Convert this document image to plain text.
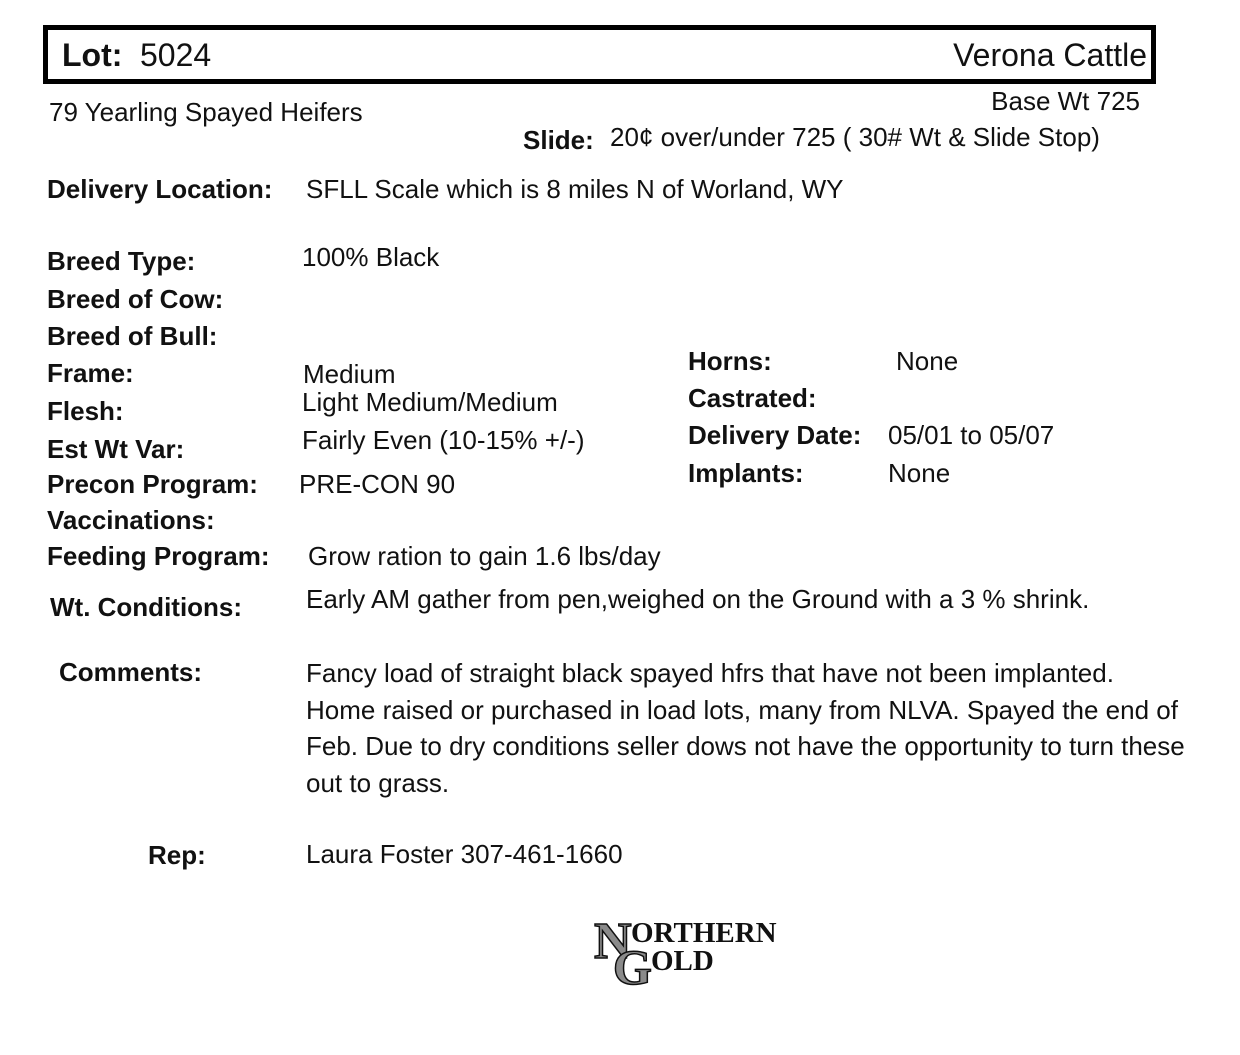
Lot: 5024	Verona Cattle
79 Yearling Spayed Heifers	Base Wt 725
Slide: 20¢ over/under 725 ( 30# Wt & Slide Stop)
Delivery Location: SFLL Scale which is 8 miles N of Worland, WY
Breed Type:	100% Black
Breed of Cow:
Breed of Bull:
Frame:	Medium
Flesh:	Light Medium/Medium
Est Wt Var:	Fairly Even (10-15% +/-)
Precon Program: PRE-CON 90
Vaccinations:
Feeding Program: Grow ration to gain 1.6 lbs/day
Wt. Conditions: Early AM gather from pen,weighed on the Ground with a 3 % shrink.
Horns:	None
Castrated:
Delivery Date: 05/01 to 05/07
Implants:	None
Comments:	Fancy load of straight black spayed hfrs that have not been implanted. Home raised or purchased in load lots, many from NLVA. Spayed the end of Feb. Due to dry conditions seller dows not have the opportunity to turn these out to grass.
Rep:	Laura Foster 307-461-1660
N
G
ORTHERN
OLD
